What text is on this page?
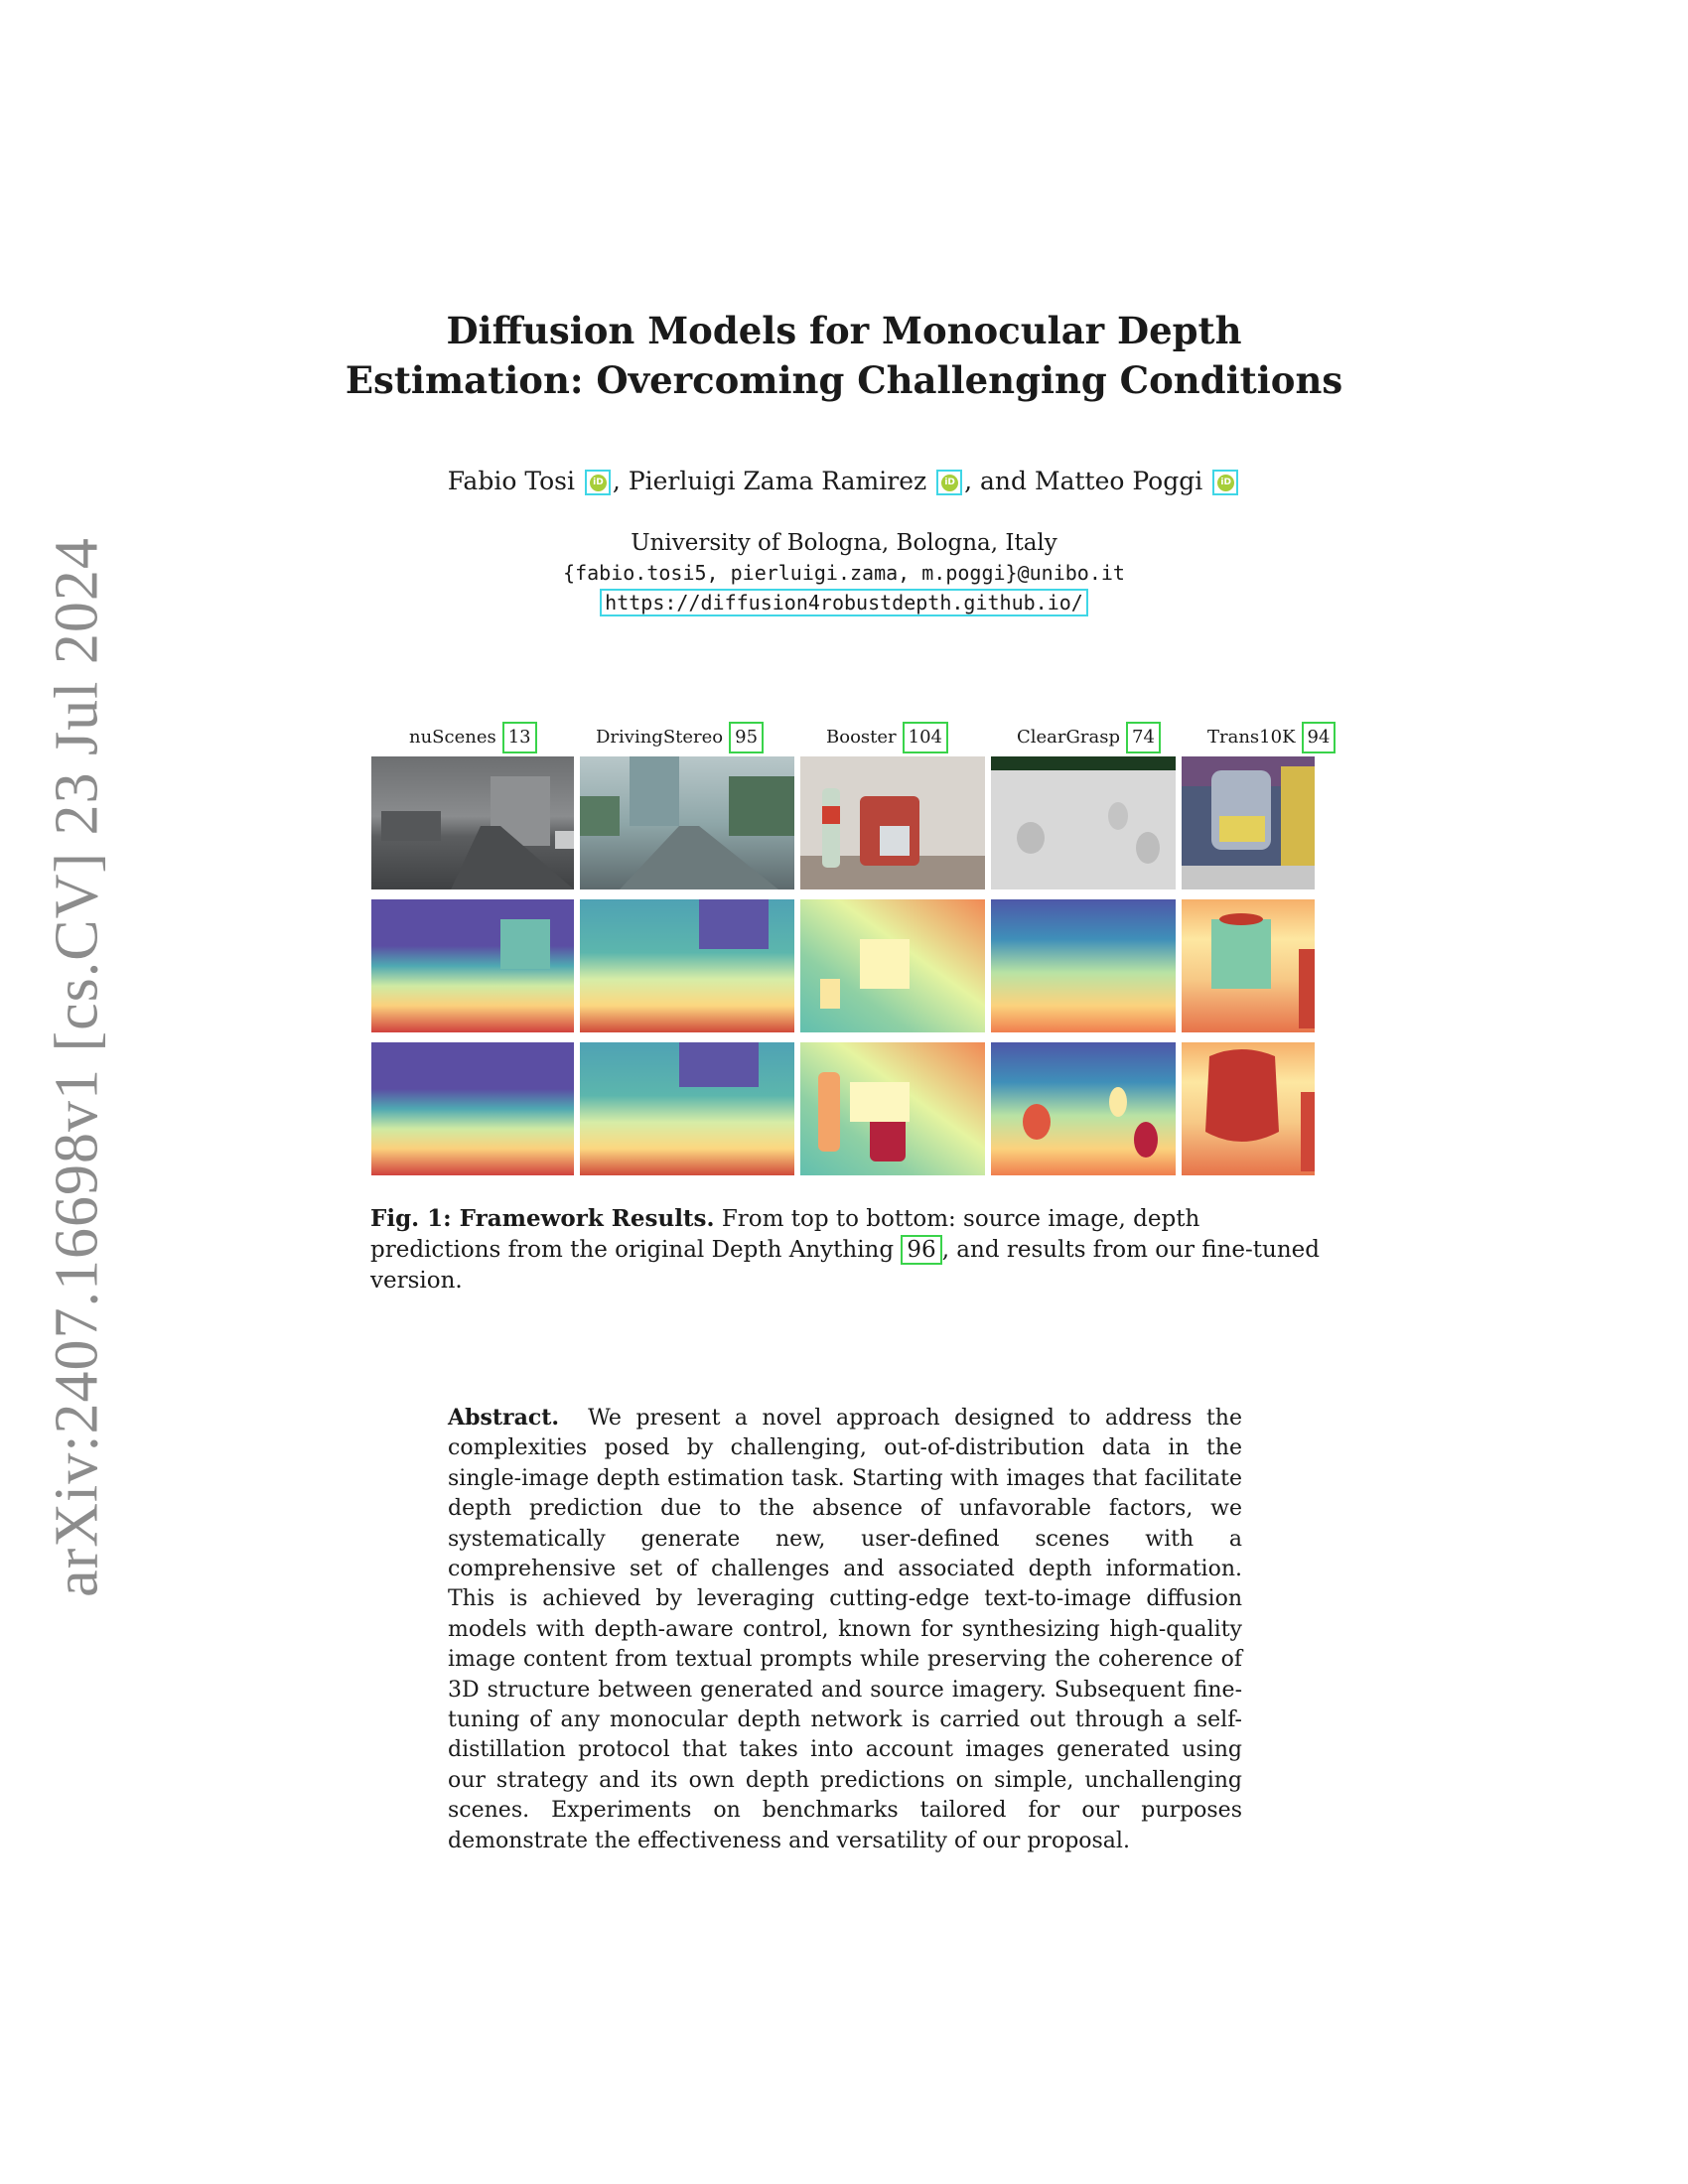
arXiv:2407.16698v1 [cs.CV] 23 Jul 2024
Diffusion Models for Monocular Depth
Estimation: Overcoming Challenging Conditions
Fabio Tosi	iD , Pierluigi Zama Ramirez	iD , and Matteo Poggi	iD
University of Bologna, Bologna, Italy
{fabio.tosi5, pierluigi.zama, m.poggi}@unibo.it
https://diffusion4robustdepth.github.io/
nuScenes 13	DrivingStereo 95	Booster 104	ClearGrasp 74	Trans10K 94
Fig. 1: Framework Results. From top to bottom: source image, depth predictions from the original Depth Anything 96 , and results from our fine-tuned version.
Abstract. We present a novel approach designed to address the complexities posed by challenging, out-of-distribution data in the single-image depth estimation task. Starting with images that facilitate depth prediction due to the absence of unfavorable factors, we systematically generate new, user-defined scenes with a comprehensive set of challenges and associated depth information. This is achieved by leveraging cutting-edge text-to-image diffusion models with depth-aware control, known for synthesizing high-quality image content from textual prompts while preserving the coherence of 3D structure between generated and source imagery. Subsequent fine-tuning of any monocular depth network is carried out through a self-distillation protocol that takes into account images generated using our strategy and its own depth predictions on simple, unchallenging scenes. Experiments on benchmarks tailored for our purposes demonstrate the effectiveness and versatility of our proposal.
